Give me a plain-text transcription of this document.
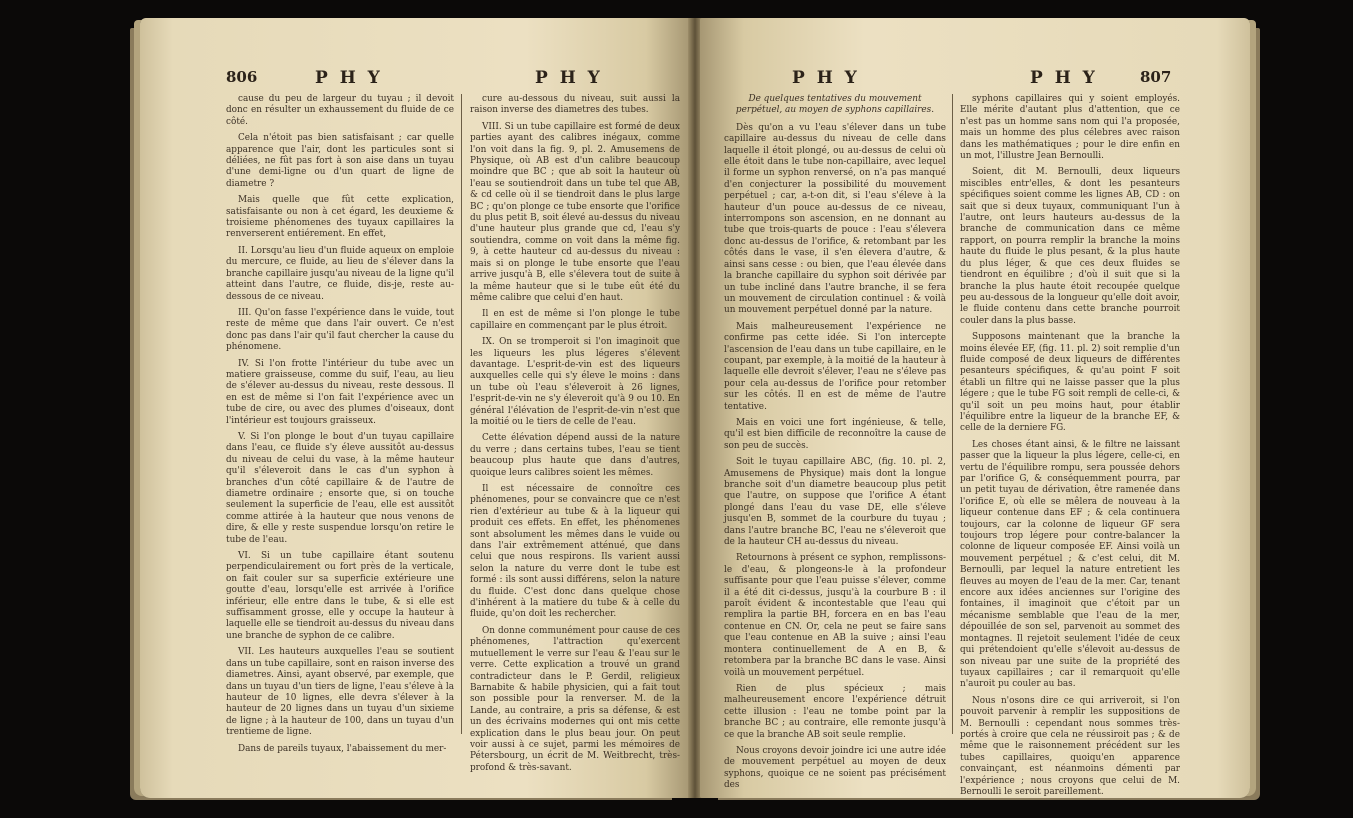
806	P H Y	P H Y

cause du peu de largeur du tuyau ; il devoit donc en résulter un exhaussement du fluide de ce côté.

Cela n'étoit pas bien satisfaisant ; car quelle apparence que l'air, dont les particules sont si déliées, ne fût pas fort à son aise dans un tuyau d'une demi-ligne ou d'un quart de ligne de diametre ?

Mais quelle que fût cette explication, satisfaisante ou non à cet égard, les deuxieme & troisieme phénomenes des tuyaux capillaires la renverserent entiérement. En effet,

II. Lorsqu'au lieu d'un fluide aqueux on emploie du mercure, ce fluide, au lieu de s'élever dans la branche capillaire jusqu'au niveau de la ligne qu'il atteint dans l'autre, ce fluide, dis-je, reste au-dessous de ce niveau.

III. Qu'on fasse l'expérience dans le vuide, tout reste de même que dans l'air ouvert. Ce n'est donc pas dans l'air qu'il faut chercher la cause du phénomene.

IV. Si l'on frotte l'intérieur du tube avec un matiere graisseuse, comme du suif, l'eau, au lieu de s'élever au-dessus du niveau, reste dessous. Il en est de même si l'on fait l'expérience avec un tube de cire, ou avec des plumes d'oiseaux, dont l'intérieur est toujours graisseux.

V. Si l'on plonge le bout d'un tuyau capillaire dans l'eau, ce fluide s'y éleve aussitôt au-dessus du niveau de celui du vase, à la même hauteur qu'il s'éleveroit dans le cas d'un syphon à branches d'un côté capillaire & de l'autre de diametre ordinaire ; ensorte que, si on touche seulement la superficie de l'eau, elle est aussitôt comme attirée à la hauteur que nous venons de dire, & elle y reste suspendue lorsqu'on retire le tube de l'eau.

VI. Si un tube capillaire étant soutenu perpendiculairement ou fort près de la verticale, on fait couler sur sa superficie extérieure une goutte d'eau, lorsqu'elle est arrivée à l'orifice inférieur, elle entre dans le tube, & si elle est suffisamment grosse, elle y occupe la hauteur à laquelle elle se tiendroit au-dessus du niveau dans une branche de syphon de ce calibre.

VII. Les hauteurs auxquelles l'eau se soutient dans un tube capillaire, sont en raison inverse des diametres. Ainsi, ayant observé, par exemple, que dans un tuyau d'un tiers de ligne, l'eau s'éleve à la hauteur de 10 lignes, elle devra s'élever à la hauteur de 20 lignes dans un tuyau d'un sixieme de ligne ; à la hauteur de 100, dans un tuyau d'un trentieme de ligne.

Dans de pareils tuyaux, l'abaissement du mer-

cure au-dessous du niveau, suit aussi la raison inverse des diametres des tubes.

VIII. Si un tube capillaire est formé de deux parties ayant des calibres inégaux, comme l'on voit dans la fig. 9, pl. 2. Amusemens de Physique, où AB est d'un calibre beaucoup moindre que BC ; que ab soit la hauteur où l'eau se soutiendroit dans un tube tel que AB, & cd celle où il se tiendroit dans le plus large BC ; qu'on plonge ce tube ensorte que l'orifice du plus petit B, soit élevé au-dessus du niveau d'une hauteur plus grande que cd, l'eau s'y soutiendra, comme on voit dans la même fig. 9, à cette hauteur cd au-dessus du niveau : mais si on plonge le tube ensorte que l'eau arrive jusqu'à B, elle s'élevera tout de suite à la même hauteur que si le tube eût été du même calibre que celui d'en haut.

Il en est de même si l'on plonge le tube capillaire en commençant par le plus étroit.

IX. On se tromperoit si l'on imaginoit que les liqueurs les plus légeres s'élevent davantage. L'esprit-de-vin est des liqueurs auxquelles celle qui s'y éleve le moins : dans un tube où l'eau s'éleveroit à 26 lignes, l'esprit-de-vin ne s'y éleveroit qu'à 9 ou 10. En général l'élévation de l'esprit-de-vin n'est que la moitié ou le tiers de celle de l'eau.

Cette élévation dépend aussi de la nature du verre ; dans certains tubes, l'eau se tient beaucoup plus haute que dans d'autres, quoique leurs calibres soient les mêmes.

Il est nécessaire de connoître ces phénomenes, pour se convaincre que ce n'est rien d'extérieur au tube & à la liqueur qui produit ces effets. En effet, les phénomenes sont absolument les mêmes dans le vuide ou dans l'air extrêmement atténué, que dans celui que nous respirons. Ils varient aussi selon la nature du verre dont le tube est formé : ils sont aussi différens, selon la nature du fluide. C'est donc dans quelque chose d'inhérent à la matiere du tube & à celle du fluide, qu'on doit les rechercher.

On donne communément pour cause de ces phénomenes, l'attraction qu'exercent mutuellement le verre sur l'eau & l'eau sur le verre. Cette explication a trouvé un grand contradicteur dans le P. Gerdil, religieux Barnabite & habile physicien, qui a fait tout son possible pour la renverser. M. de la Lande, au contraire, a pris sa défense, & est un des écrivains modernes qui ont mis cette explication dans le plus beau jour. On peut voir aussi à ce sujet, parmi les mémoires de Pétersbourg, un écrit de M. Weitbrecht, très-profond & très-savant.

P H Y	P H Y	807

De quelques tentatives du mouvement perpétuel, au moyen de syphons capillaires.

Dès qu'on a vu l'eau s'élever dans un tube capillaire au-dessus du niveau de celle dans laquelle il étoit plongé, ou au-dessus de celui où elle étoit dans le tube non-capillaire, avec lequel il forme un syphon renversé, on n'a pas manqué d'en conjecturer la possibilité du mouvement perpétuel ; car, a-t-on dit, si l'eau s'éleve à la hauteur d'un pouce au-dessus de ce niveau, interrompons son ascension, en ne donnant au tube que trois-quarts de pouce : l'eau s'élevera donc au-dessus de l'orifice, & retombant par les côtés dans le vase, il s'en élevera d'autre, & ainsi sans cesse : ou bien, que l'eau élevée dans la branche capillaire du syphon soit dérivée par un tube incliné dans l'autre branche, il se fera un mouvement de circulation continuel : & voilà un mouvement perpétuel donné par la nature.

Mais malheureusement l'expérience ne confirme pas cette idée. Si l'on intercepte l'ascension de l'eau dans un tube capillaire, en le coupant, par exemple, à la moitié de la hauteur à laquelle elle devroit s'élever, l'eau ne s'éleve pas pour cela au-dessus de l'orifice pour retomber sur les côtés. Il en est de même de l'autre tentative.

Mais en voici une fort ingénieuse, & telle, qu'il est bien difficile de reconnoître la cause de son peu de succès.

Soit le tuyau capillaire ABC, (fig. 10. pl. 2, Amusemens de Physique) mais dont la longue branche soit d'un diametre beaucoup plus petit que l'autre, on suppose que l'orifice A étant plongé dans l'eau du vase DE, elle s'éleve jusqu'en B, sommet de la courbure du tuyau ; dans l'autre branche BC, l'eau ne s'éleveroit que de la hauteur CH au-dessus du niveau.

Retournons à présent ce syphon, remplissons-le d'eau, & plongeons-le à la profondeur suffisante pour que l'eau puisse s'élever, comme il a été dit ci-dessus, jusqu'à la courbure B : il paroît évident & incontestable que l'eau qui remplira la partie BH, forcera en en bas l'eau contenue en CN. Or, cela ne peut se faire sans que l'eau contenue en AB la suive ; ainsi l'eau montera continuellement de A en B, & retombera par la branche BC dans le vase. Ainsi voilà un mouvement perpétuel.

Rien de plus spécieux ; mais malheureusement encore l'expérience détruit cette illusion : l'eau ne tombe point par la branche BC ; au contraire, elle remonte jusqu'à ce que la branche AB soit seule remplie.

Nous croyons devoir joindre ici une autre idée de mouvement perpétuel au moyen de deux syphons, quoique ce ne soient pas précisément des

syphons capillaires qui y soient employés. Elle mérite d'autant plus d'attention, que ce n'est pas un homme sans nom qui l'a proposée, mais un homme des plus célebres avec raison dans les mathématiques ; pour le dire enfin en un mot, l'illustre Jean Bernoulli.

Soient, dit M. Bernoulli, deux liqueurs miscibles entr'elles, & dont les pesanteurs spécifiques soient comme les lignes AB, CD : on sait que si deux tuyaux, communiquant l'un à l'autre, ont leurs hauteurs au-dessus de la branche de communication dans ce même rapport, on pourra remplir la branche la moins haute du fluide le plus pesant, & la plus haute du plus léger, & que ces deux fluides se tiendront en équilibre ; d'où il suit que si la branche la plus haute étoit recoupée quelque peu au-dessous de la longueur qu'elle doit avoir, le fluide contenu dans cette branche pourroit couler dans la plus basse.

Supposons maintenant que la branche la moins élevée EF, (fig. 11. pl. 2) soit remplie d'un fluide composé de deux liqueurs de différentes pesanteurs spécifiques, & qu'au point F soit établi un filtre qui ne laisse passer que la plus légere ; que le tube FG soit rempli de celle-ci, & qu'il soit un peu moins haut, pour établir l'équilibre entre la liqueur de la branche EF, & celle de la derniere FG.

Les choses étant ainsi, & le filtre ne laissant passer que la liqueur la plus légere, celle-ci, en vertu de l'équilibre rompu, sera poussée dehors par l'orifice G, & conséquemment pourra, par un petit tuyau de dérivation, être ramenée dans l'orifice E, où elle se mêlera de nouveau à la liqueur contenue dans EF ; & cela continuera toujours, car la colonne de liqueur GF sera toujours trop légere pour contre-balancer la colonne de liqueur composée EF. Ainsi voilà un mouvement perpétuel ; & c'est celui, dit M. Bernoulli, par lequel la nature entretient les fleuves au moyen de l'eau de la mer. Car, tenant encore aux idées anciennes sur l'origine des fontaines, il imaginoit que c'étoit par un mécanisme semblable que l'eau de la mer, dépouillée de son sel, parvenoit au sommet des montagnes. Il rejetoit seulement l'idée de ceux qui prétendoient qu'elle s'élevoit au-dessus de son niveau par une suite de la propriété des tuyaux capillaires ; car il remarquoit qu'elle n'auroit pu couler au bas.

Nous n'osons dire ce qui arriveroit, si l'on pouvoit parvenir à remplir les suppositions de M. Bernoulli : cependant nous sommes très-portés à croire que cela ne réussiroit pas ; & de même que le raisonnement précédent sur les tubes capillaires, quoiqu'en apparence convainçant, est néanmoins démenti par l'expérience ; nous croyons que celui de M. Bernoulli le seroit pareillement.
